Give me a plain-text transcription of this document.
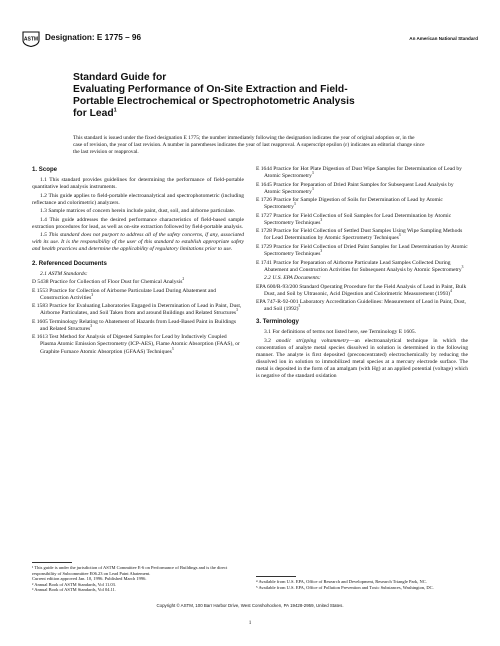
ASTM Designation: E 1775 – 96	An American National Standard

Standard Guide for

Evaluating Performance of On-Site Extraction and Field-

Portable Electrochemical or Spectrophotometric Analysis

for Lead$^1$

This standard is issued under the fixed designation E 1775; the number immediately following the designation indicates the year of original adoption or, in the case of revision, the year of last revision. A number in parentheses indicates the year of last reapproval. A superscript epsilon (ε) indicates an editorial change since the last revision or reapproval.

1. Scope

1.1 This standard provides guidelines for determining the performance of field-portable quantitative lead analysis instruments.

1.2 This guide applies to field-portable electroanalytical and spectrophotometric (including reflectance and colorimetric) analyzers.

1.3 Sample matrices of concern herein include paint, dust, soil, and airborne particulate.

1.4 This guide addresses the desired performance characteristics of field-based sample extraction procedures for lead, as well as on-site extraction followed by field-portable analysis.

1.5 This standard does not purport to address all of the safety concerns, if any, associated with its use. It is the responsibility of the user of this standard to establish appropriate safety and health practices and determine the applicability of regulatory limitations prior to use.

2. Referenced Documents

2.1 ASTM Standards:

D 5438 Practice for Collection of Floor Dust for Chemical Analysis$^2$

E 1553 Practice for Collection of Airborne Particulate Lead During Abatement and Construction Activities$^3$

E 1583 Practice for Evaluating Laboratories Engaged in Determination of Lead in Paint, Dust, Airborne Particulates, and Soil Taken from and around Buildings and Related Structures$^3$

E 1605 Terminology Relating to Abatement of Hazards from Lead-Based Paint in Buildings and Related Structures$^3$

E 1613 Test Method for Analysis of Digested Samples for Lead by Inductively Coupled Plasma Atomic Emission Spectrometry (ICP-AES), Flame Atomic Absorption (FAAS), or Graphite Furnace Atomic Absorption (GFAAS) Techniques$^3$

E 1644 Practice for Hot Plate Digestion of Dust Wipe Samples for Determination of Lead by Atomic Spectrometry$^3$

E 1645 Practice for Preparation of Dried Paint Samples for Subsequent Lead Analysis by Atomic Spectrometry$^3$

E 1726 Practice for Sample Digestion of Soils for Determination of Lead by Atomic Spectrometry$^3$

E 1727 Practice for Field Collection of Soil Samples for Lead Determination by Atomic Spectrometry Techniques$^3$

E 1728 Practice for Field Collection of Settled Dust Samples Using Wipe Sampling Methods for Lead Determination by Atomic Spectrometry Techniques$^3$

E 1729 Practice for Field Collection of Dried Paint Samples for Lead Determination by Atomic Spectrometry Techniques$^3$

E 1741 Practice for Preparation of Airborne Particulate Lead Samples Collected During Abatement and Construction Activities for Subsequent Analysis by Atomic Spectrometry$^3$

2.2 U.S. EPA Documents:

EPA 600/R-93/200 Standard Operating Procedure for the Field Analysis of Lead in Paint, Bulk Dust, and Soil by Ultrasonic, Acid Digestion and Colorimetric Measurement $(1993)^4$

EPA 747-R-92-001 Laboratory Accreditation Guidelines: Measurement of Lead in Paint, Dust, and Soil $(1992)^5$

3. Terminology

3.1 For definitions of terms not listed here, see Terminology E 1605.

3.2 anodic stripping voltammetry—an electroanalytical technique in which the concentration of analyte metal species dissolved in solution is determined in the following manner. The analyte is first deposited (preconcentrated) electrochemically by reducing the dissolved ion in solution to immobilized metal species at a mercury electrode surface. The metal is deposited in the form of an amalgam (with Hg) at an applied potential (voltage) which is negative of the standard oxidation

¹ This guide is under the jurisdiction of ASTM Committee E-6 on Performance of Buildings and is the direct responsibility of Subcommittee E06.23 on Lead Paint Abatement.

Current edition approved Jan. 10, 1996. Published March 1996.

² Annual Book of ASTM Standards, Vol 11.03.

³ Annual Book of ASTM Standards, Vol 04.11.

⁴ Available from U.S. EPA, Office of Research and Development, Research Triangle Park, NC.

⁵ Available from U.S. EPA, Office of Pollution Prevention and Toxic Substances, Washington, DC.

Copyright © ASTM, 100 Barr Harbor Drive, West Conshohocken, PA 19428-2959, United States.
1
